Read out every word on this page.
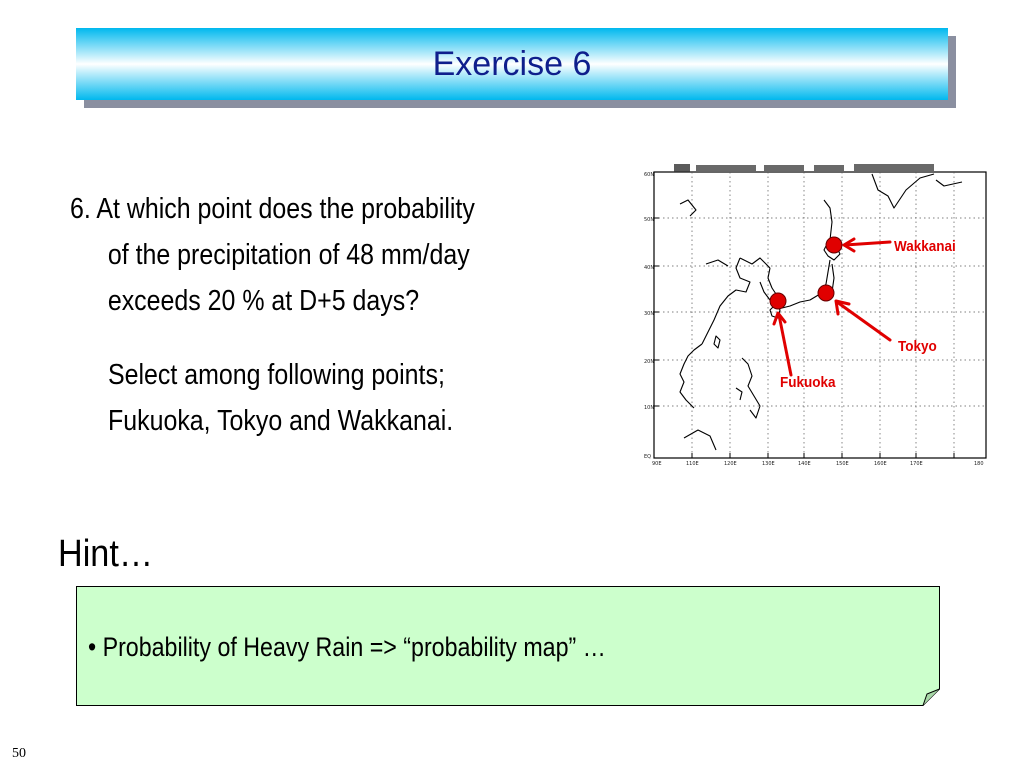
Exercise 6
6. At which point does the probability
of the precipitation of 48 mm/day
exceeds 20 % at D+5 days?
Select among following points;
Fukuoka, Tokyo and Wakkanai.
60N
50N
40N
30N
20N
10N
EQ
90E	110E	120E	130E	140E	150E	160E	170E	180
Wakkanai
Tokyo
Fukuoka
Hint…
• Probability of Heavy Rain => “probability map” …
50
